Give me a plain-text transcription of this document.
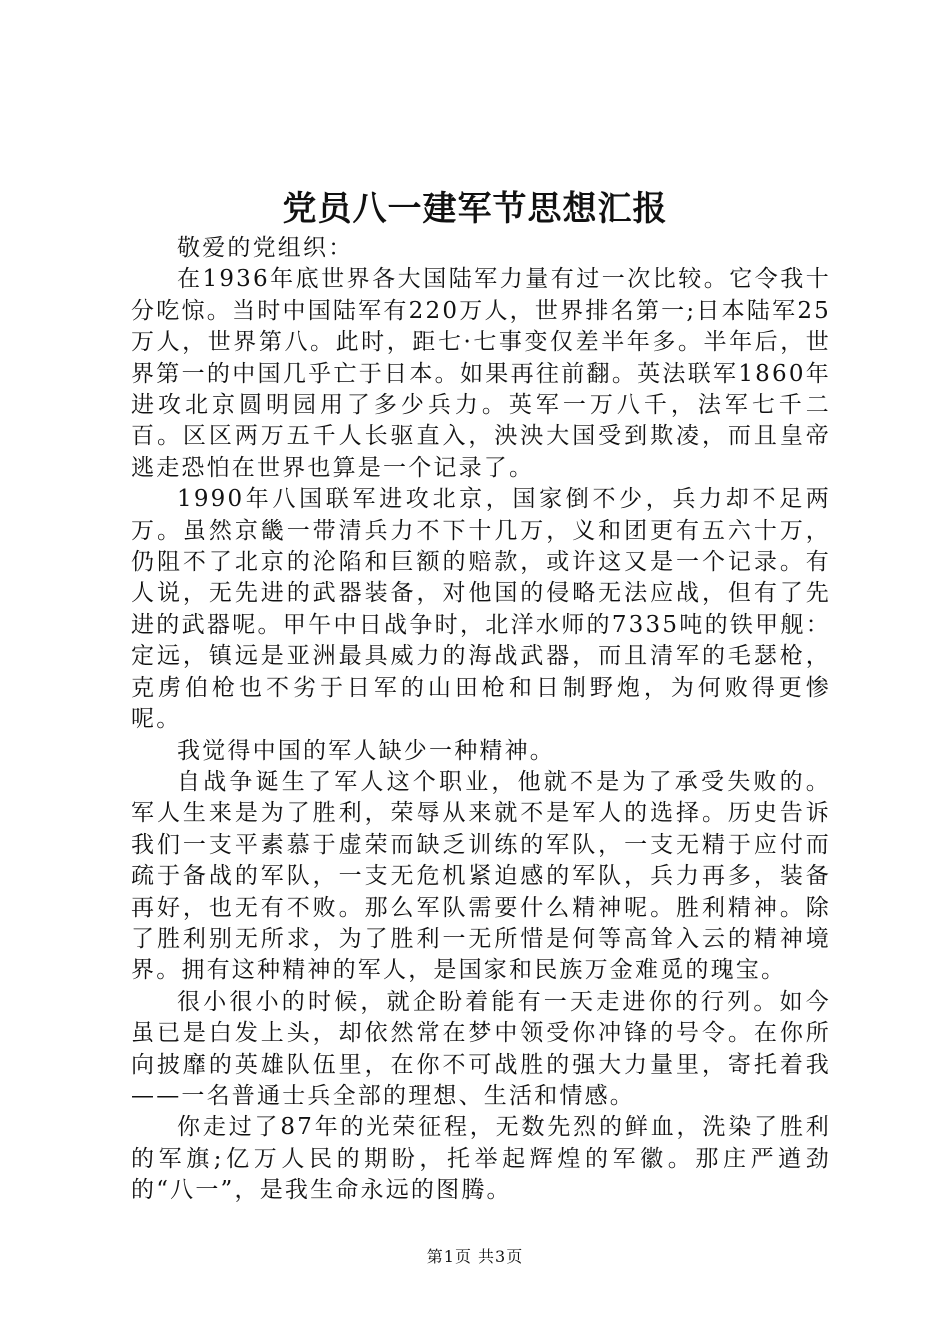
党员八一建军节思想汇报

敬爱的党组织：

在1936年底世界各大国陆军力量有过一次比较。它令我十分吃惊。当时中国陆军有220万人，世界排名第一;日本陆军25万人，世界第八。此时，距七·七事变仅差半年多。半年后，世界第一的中国几乎亡于日本。如果再往前翻。英法联军1860年进攻北京圆明园用了多少兵力。英军一万八千，法军七千二百。区区两万五千人长驱直入，泱泱大国受到欺凌，而且皇帝逃走恐怕在世界也算是一个记录了。

1990年八国联军进攻北京，国家倒不少，兵力却不足两万。虽然京畿一带清兵力不下十几万，义和团更有五六十万，仍阻不了北京的沦陷和巨额的赔款，或许这又是一个记录。有人说，无先进的武器装备，对他国的侵略无法应战，但有了先进的武器呢。甲午中日战争时，北洋水师的7335吨的铁甲舰：定远，镇远是亚洲最具威力的海战武器，而且清军的毛瑟枪，克虏伯枪也不劣于日军的山田枪和日制野炮，为何败得更惨呢。

我觉得中国的军人缺少一种精神。

自战争诞生了军人这个职业，他就不是为了承受失败的。军人生来是为了胜利，荣辱从来就不是军人的选择。历史告诉我们一支平素慕于虚荣而缺乏训练的军队，一支无精于应付而疏于备战的军队，一支无危机紧迫感的军队，兵力再多，装备再好，也无有不败。那么军队需要什么精神呢。胜利精神。除了胜利别无所求，为了胜利一无所惜是何等高耸入云的精神境界。拥有这种精神的军人，是国家和民族万金难觅的瑰宝。

很小很小的时候，就企盼着能有一天走进你的行列。如今虽已是白发上头，却依然常在梦中领受你冲锋的号令。在你所向披靡的英雄队伍里，在你不可战胜的强大力量里，寄托着我——一名普通士兵全部的理想、生活和情感。

你走过了87年的光荣征程，无数先烈的鲜血，洗染了胜利的军旗;亿万人民的期盼，托举起辉煌的军徽。那庄严遒劲的“八一”，是我生命永远的图腾。

第1页 共3页
